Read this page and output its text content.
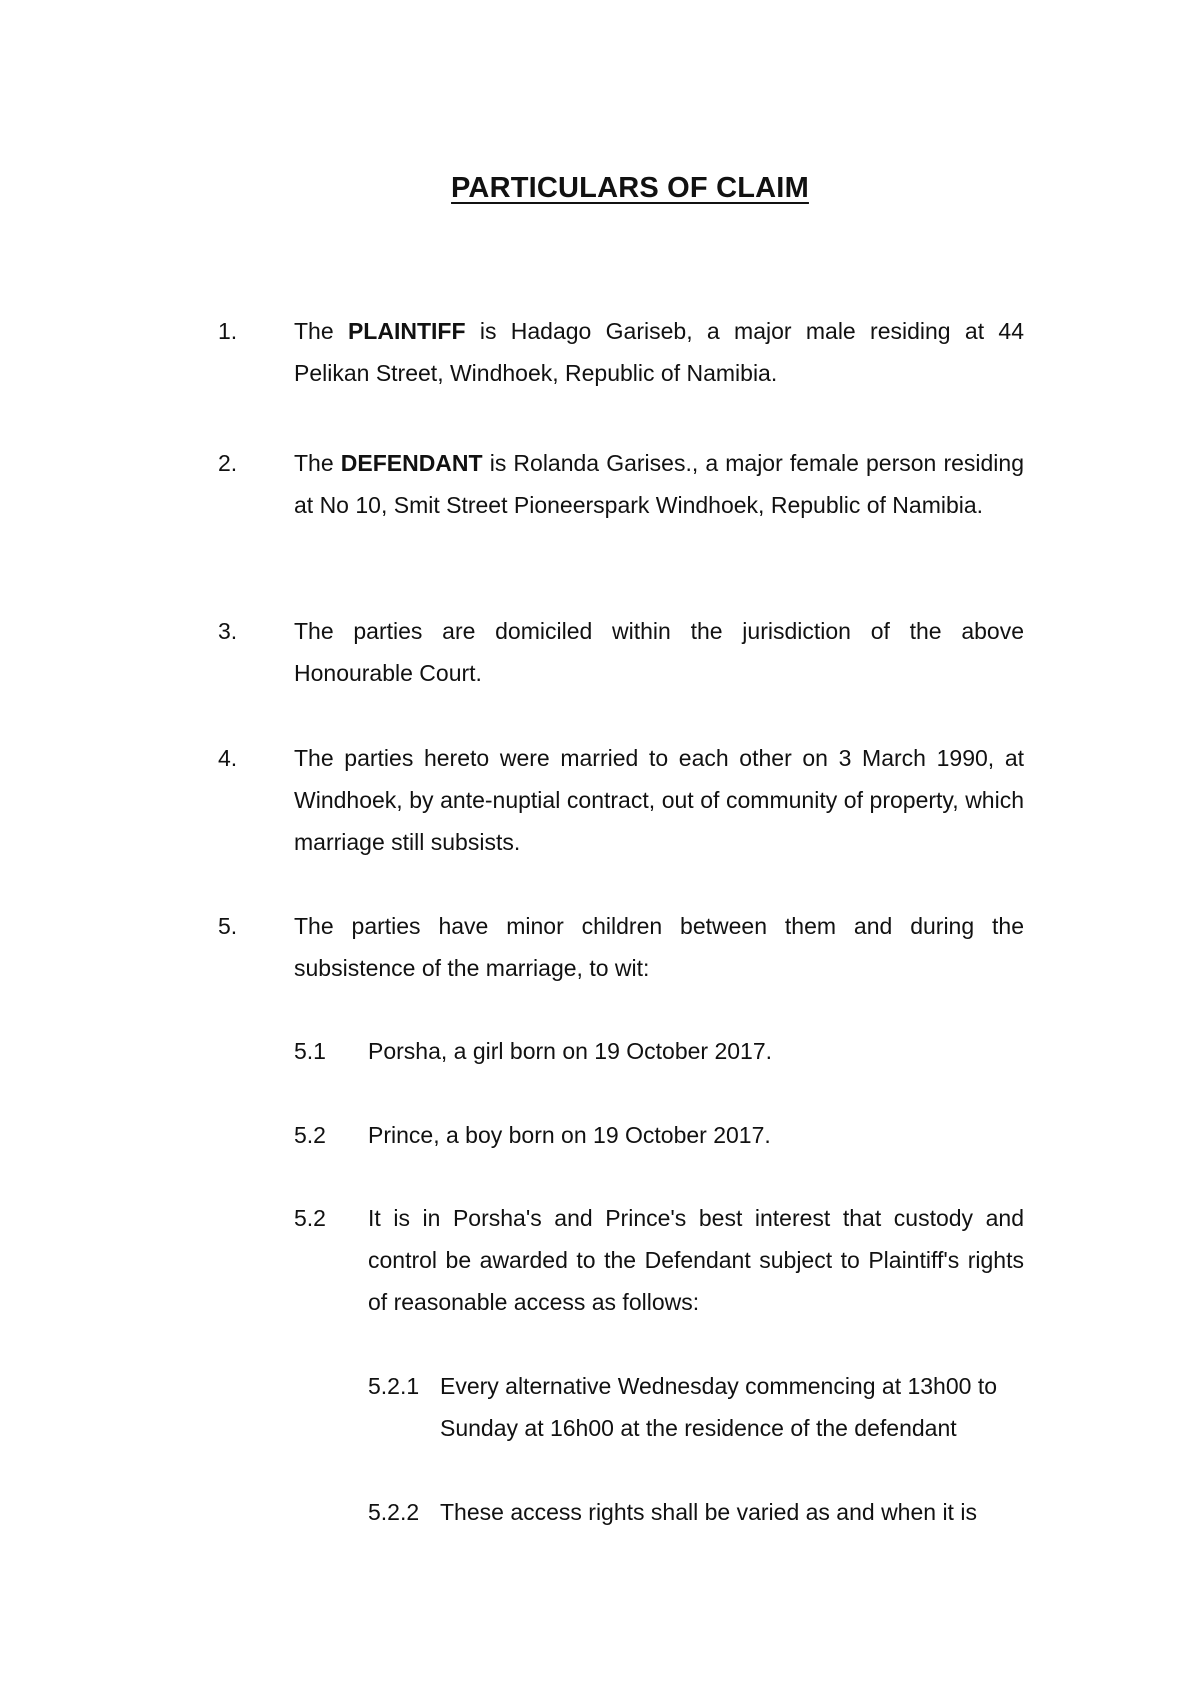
PARTICULARS OF CLAIM
1. The PLAINTIFF is Hadago Gariseb, a major male residing at 44 Pelikan Street, Windhoek, Republic of Namibia.
2. The DEFENDANT is Rolanda Garises., a major female person residing at No 10, Smit Street Pioneerspark Windhoek, Republic of Namibia.
3. The parties are domiciled within the jurisdiction of the above Honourable Court.
4. The parties hereto were married to each other on 3 March 1990, at Windhoek, by ante-nuptial contract, out of community of property, which marriage still subsists.
5. The parties have minor children between them and during the subsistence of the marriage, to wit:
5.1 Porsha, a girl born on 19 October 2017.
5.2 Prince, a boy born on 19 October 2017.
5.2 It is in Porsha's and Prince's best interest that custody and control be awarded to the Defendant subject to Plaintiff's rights of reasonable access as follows:
5.2.1 Every alternative Wednesday commencing at 13h00 to Sunday at 16h00 at the residence of the defendant
5.2.2 These access rights shall be varied as and when it is
